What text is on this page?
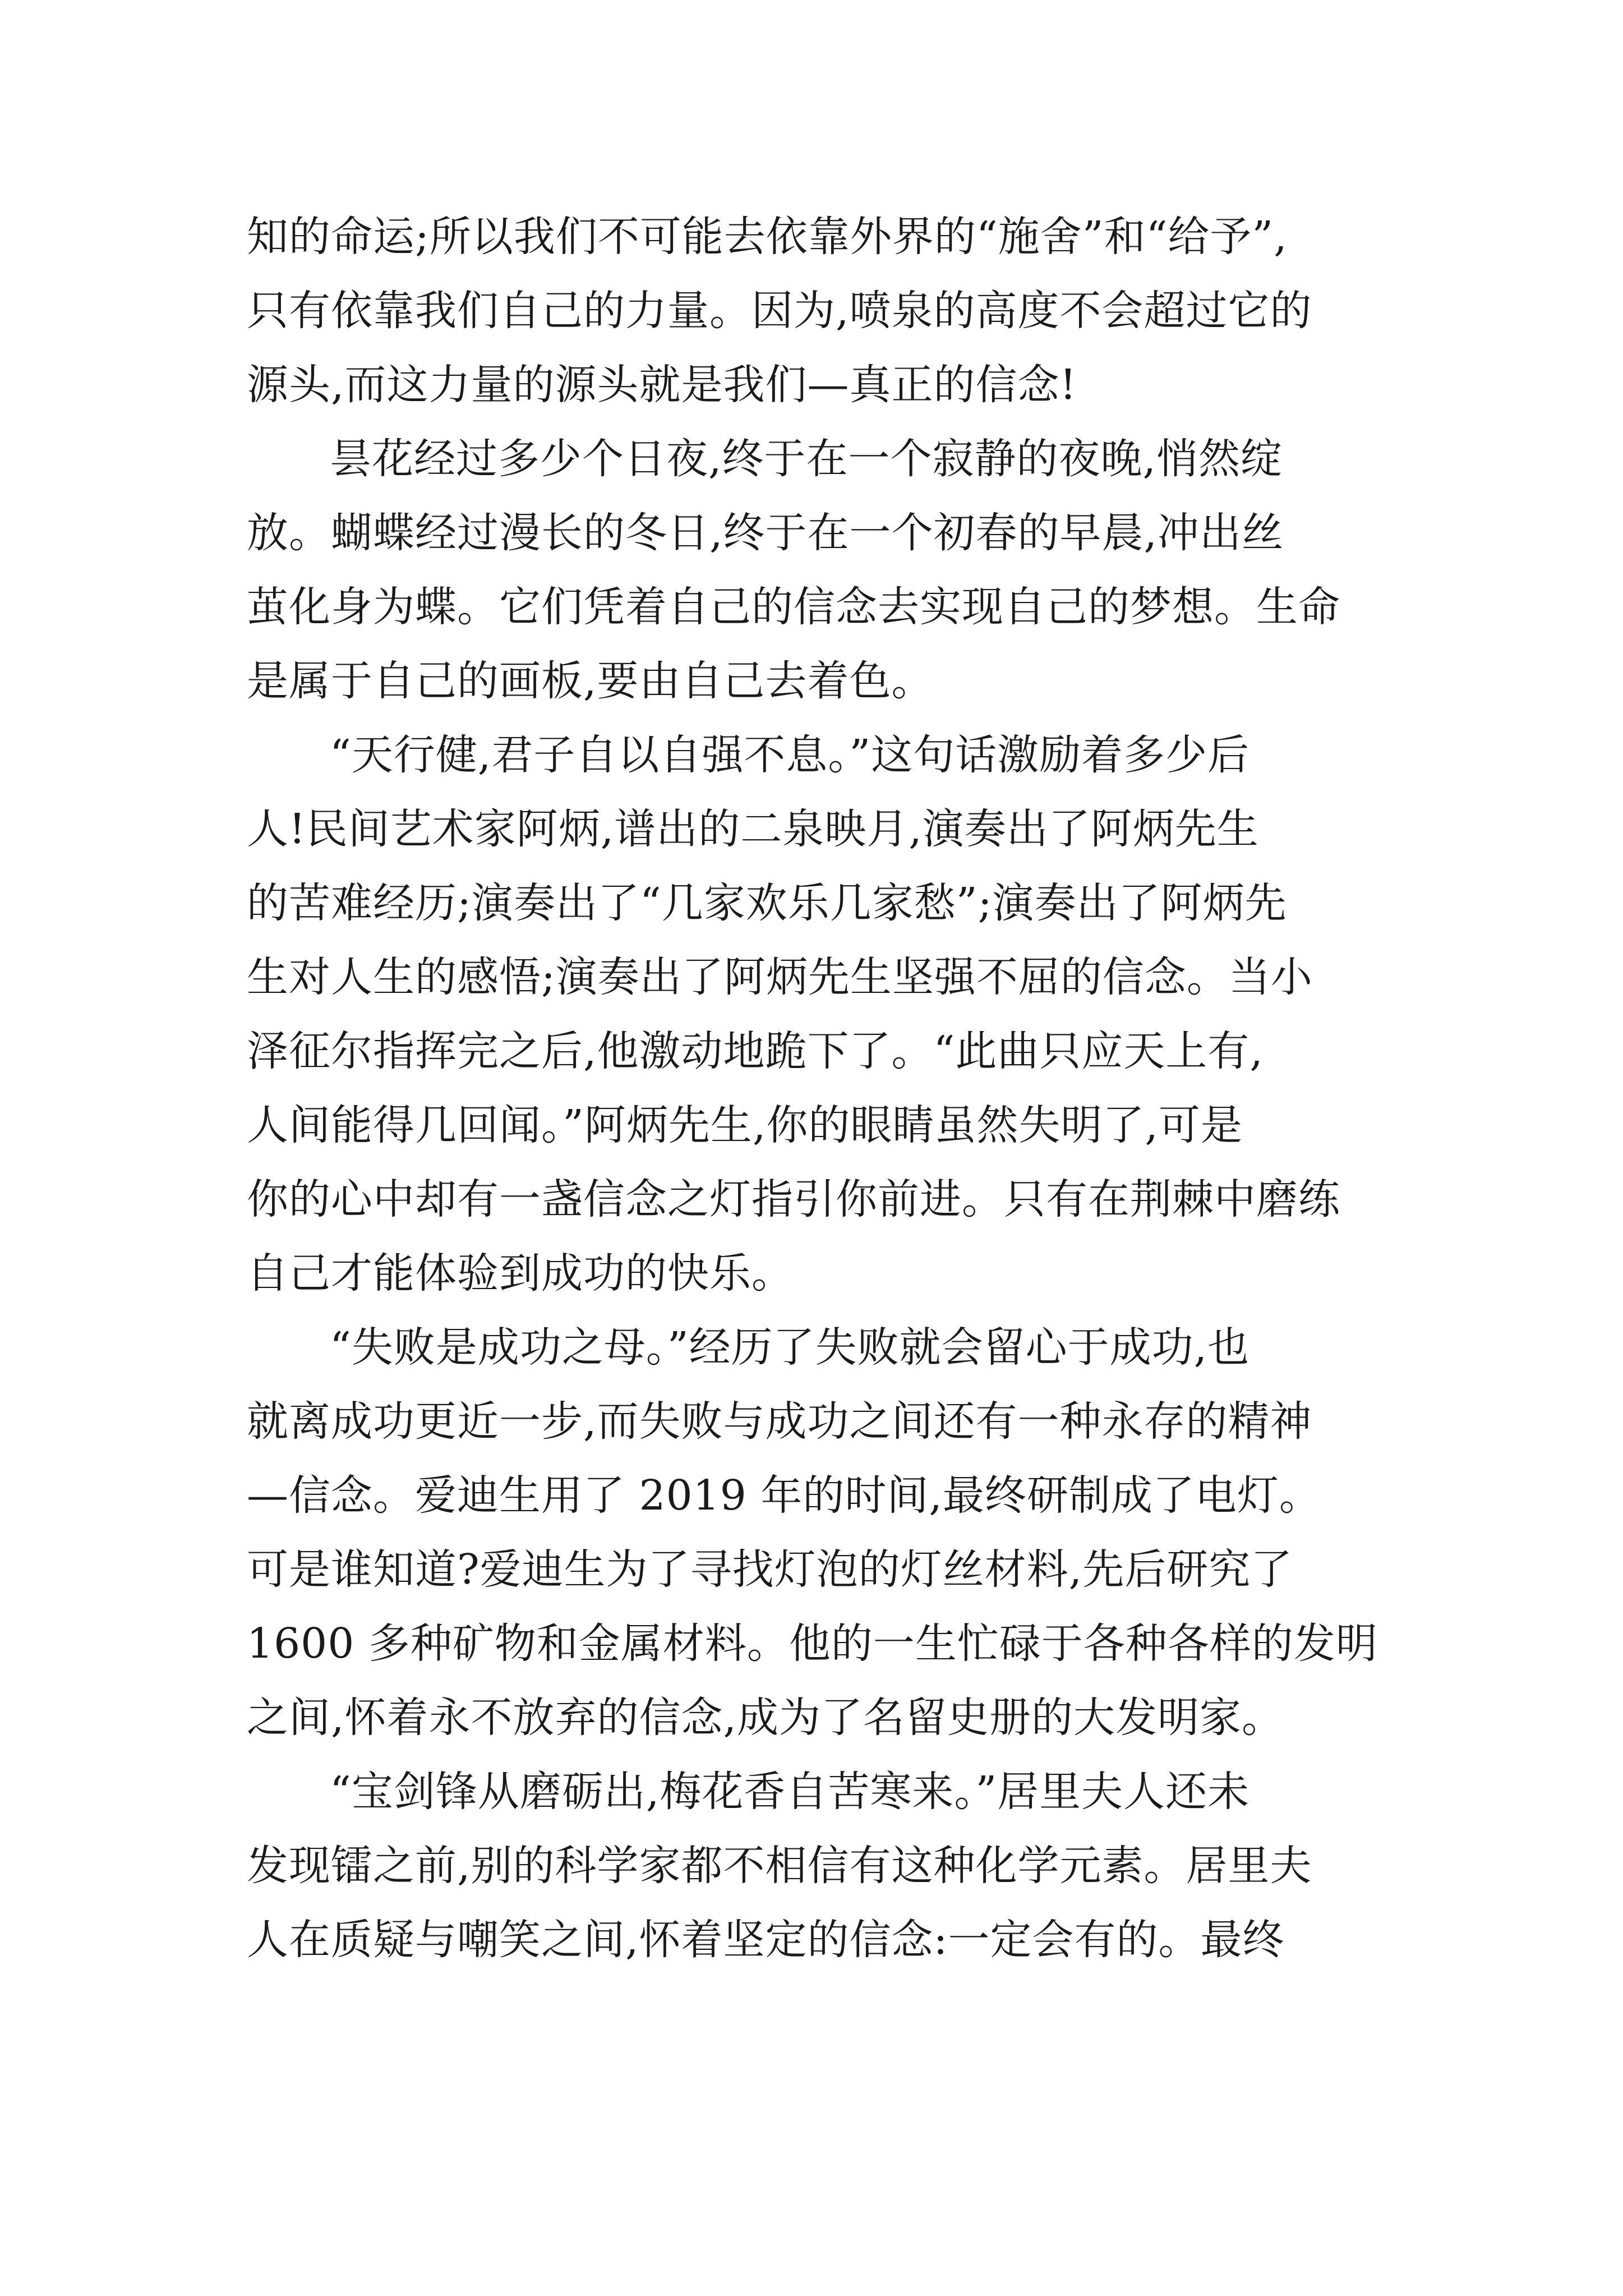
知的命运;所以我们不可能去依靠外界的“施舍”和“给予”,
只有依靠我们自己的力量。因为,喷泉的高度不会超过它的
源头,而这力量的源头就是我们—真正的信念!
昙花经过多少个日夜,终于在一个寂静的夜晚,悄然绽
放。蝴蝶经过漫长的冬日,终于在一个初春的早晨,冲出丝
茧化身为蝶。它们凭着自己的信念去实现自己的梦想。生命
是属于自己的画板,要由自己去着色。
“天行健,君子自以自强不息。”这句话激励着多少后
人!民间艺术家阿炳,谱出的二泉映月,演奏出了阿炳先生
的苦难经历;演奏出了“几家欢乐几家愁”;演奏出了阿炳先
生对人生的感悟;演奏出了阿炳先生坚强不屈的信念。当小
泽征尔指挥完之后,他激动地跪下了。“此曲只应天上有,
人间能得几回闻。”阿炳先生,你的眼睛虽然失明了,可是
你的心中却有一盏信念之灯指引你前进。只有在荆棘中磨练
自己才能体验到成功的快乐。
“失败是成功之母。”经历了失败就会留心于成功,也
就离成功更近一步,而失败与成功之间还有一种永存的精神
—信念。爱迪生用了 2019 年的时间,最终研制成了电灯。
可是谁知道?爱迪生为了寻找灯泡的灯丝材料,先后研究了
1600 多种矿物和金属材料。他的一生忙碌于各种各样的发明
之间,怀着永不放弃的信念,成为了名留史册的大发明家。
“宝剑锋从磨砺出,梅花香自苦寒来。”居里夫人还未
发现镭之前,别的科学家都不相信有这种化学元素。居里夫
人在质疑与嘲笑之间,怀着坚定的信念:一定会有的。最终
